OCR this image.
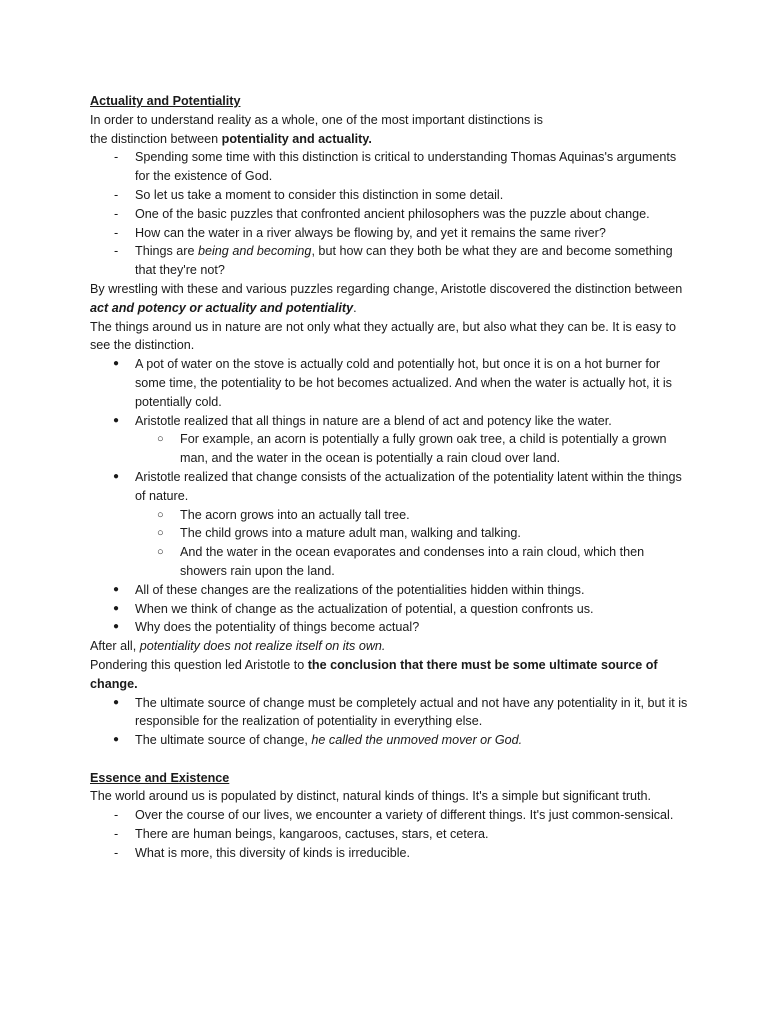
Actuality and Potentiality

In order to understand reality as a whole, one of the most important distinctions is
the distinction between potentiality and actuality.

- Spending some time with this distinction is critical to understanding Thomas Aquinas's arguments for the existence of God.
- So let us take a moment to consider this distinction in some detail.
- One of the basic puzzles that confronted ancient philosophers was the puzzle about change.
- How can the water in a river always be flowing by, and yet it remains the same river?
- Things are being and becoming, but how can they both be what they are and become something that they're not?

By wrestling with these and various puzzles regarding change, Aristotle discovered the distinction between act and potency or actuality and potentiality.

The things around us in nature are not only what they actually are, but also what they can be. It is easy to see the distinction.

● A pot of water on the stove is actually cold and potentially hot, but once it is on a hot burner for some time, the potentiality to be hot becomes actualized. And when the water is actually hot, it is potentially cold.
● Aristotle realized that all things in nature are a blend of act and potency like the water.
○ For example, an acorn is potentially a fully grown oak tree, a child is potentially a grown man, and the water in the ocean is potentially a rain cloud over land.
● Aristotle realized that change consists of the actualization of the potentiality latent within the things of nature.
○ The acorn grows into an actually tall tree.
○ The child grows into a mature adult man, walking and talking.
○ And the water in the ocean evaporates and condenses into a rain cloud, which then showers rain upon the land.
● All of these changes are the realizations of the potentialities hidden within things.
● When we think of change as the actualization of potential, a question confronts us.
● Why does the potentiality of things become actual?

After all, potentiality does not realize itself on its own.

Pondering this question led Aristotle to the conclusion that there must be some ultimate source of change.

● The ultimate source of change must be completely actual and not have any potentiality in it, but it is responsible for the realization of potentiality in everything else.
● The ultimate source of change, he called the unmoved mover or God.
Essence and Existence

The world around us is populated by distinct, natural kinds of things. It's a simple but significant truth.

- Over the course of our lives, we encounter a variety of different things. It's just common-sensical.
- There are human beings, kangaroos, cactuses, stars, et cetera.
- What is more, this diversity of kinds is irreducible.
